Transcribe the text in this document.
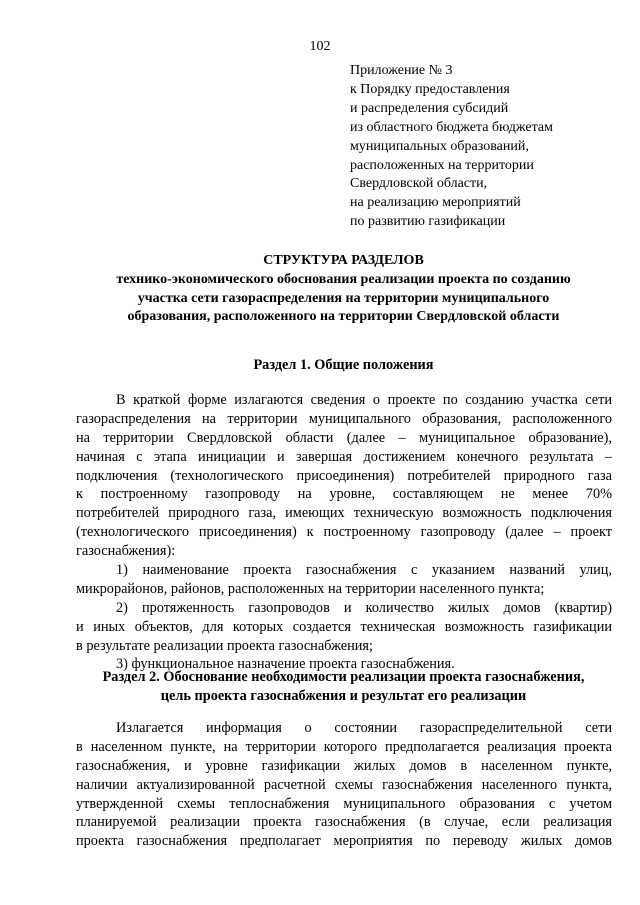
102
Приложение № 3
к Порядку предоставления
и распределения субсидий
из областного бюджета бюджетам
муниципальных образований,
расположенных на территории
Свердловской области,
на реализацию мероприятий
по развитию газификации
СТРУКТУРА РАЗДЕЛОВ
технико-экономического обоснования реализации проекта по созданию
участка сети газораспределения на территории муниципального
образования, расположенного на территории Свердловской области
Раздел 1. Общие положения
В краткой форме излагаются сведения о проекте по созданию участка сети
газораспределения на территории муниципального образования, расположенного
на территории Свердловской области (далее – муниципальное образование),
начиная с этапа инициации и завершая достижением конечного результата –
подключения (технологического присоединения) потребителей природного газа
к построенному газопроводу на уровне, составляющем не менее 70%
потребителей природного газа, имеющих техническую возможность подключения
(технологического присоединения) к построенному газопроводу (далее – проект
газоснабжения):
1) наименование проекта газоснабжения с указанием названий улиц,
микрорайонов, районов, расположенных на территории населенного пункта;
2) протяженность газопроводов и количество жилых домов (квартир)
и иных объектов, для которых создается техническая возможность газификации
в результате реализации проекта газоснабжения;
3) функциональное назначение проекта газоснабжения.
Раздел 2. Обоснование необходимости реализации проекта газоснабжения,
цель проекта газоснабжения и результат его реализации
Излагается информация о состоянии газораспределительной сети
в населенном пункте, на территории которого предполагается реализация проекта
газоснабжения, и уровне газификации жилых домов в населенном пункте,
наличии актуализированной расчетной схемы газоснабжения населенного пункта,
утвержденной схемы теплоснабжения муниципального образования с учетом
планируемой реализации проекта газоснабжения (в случае, если реализация
проекта газоснабжения предполагает мероприятия по переводу жилых домов
